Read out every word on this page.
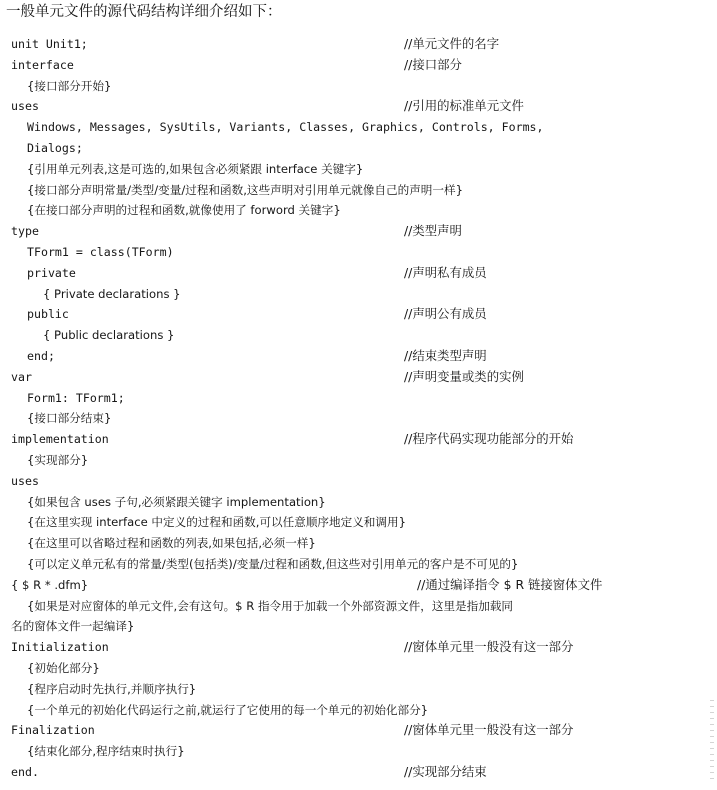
一般单元文件的源代码结构详细介绍如下：
unit Unit1;	//单元文件的名字
interface	//接口部分
{接口部分开始}
uses	//引用的标准单元文件
Windows, Messages, SysUtils, Variants, Classes, Graphics, Controls, Forms,
Dialogs;
{引用单元列表,这是可选的,如果包含必须紧跟 interface 关键字}
{接口部分声明常量/类型/变量/过程和函数,这些声明对引用单元就像自己的声明一样}
{在接口部分声明的过程和函数,就像使用了 forword 关键字}
type	//类型声明
TForm1 = class(TForm)
private	//声明私有成员
{ Private declarations }
public	//声明公有成员
{ Public declarations }
end;	//结束类型声明
var	//声明变量或类的实例
Form1: TForm1;
{接口部分结束}
implementation	//程序代码实现功能部分的开始
{实现部分}
uses
{如果包含 uses 子句,必须紧跟关键字 implementation}
{在这里实现 interface 中定义的过程和函数,可以任意顺序地定义和调用}
{在这里可以省略过程和函数的列表,如果包括,必须一样}
{可以定义单元私有的常量/类型(包括类)/变量/过程和函数,但这些对引用单元的客户是不可见的}
{ $ R * .dfm}	//通过编译指令 $ R 链接窗体文件
{如果是对应窗体的单元文件,会有这句。$ R 指令用于加载一个外部资源文件，这里是指加载同
名的窗体文件一起编译}
Initialization	//窗体单元里一般没有这一部分
{初始化部分}
{程序启动时先执行,并顺序执行}
{一个单元的初始化代码运行之前,就运行了它使用的每一个单元的初始化部分}
Finalization	//窗体单元里一般没有这一部分
{结束化部分,程序结束时执行}
end.	//实现部分结束
